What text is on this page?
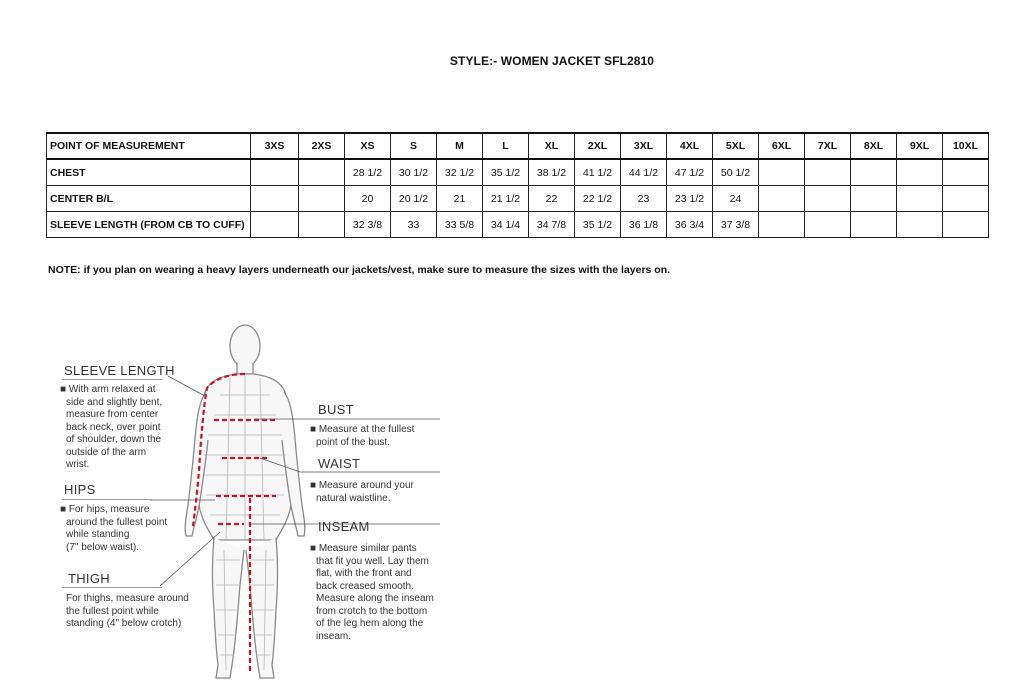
STYLE:- WOMEN JACKET SFL2810
POINT OF MEASUREMENT	3XS	2XS	XS	S	M	L	XL	2XL	3XL	4XL	5XL	6XL	7XL	8XL	9XL	10XL
CHEST			28 1/2	30 1/2	32 1/2	35 1/2	38 1/2	41 1/2	44 1/2	47 1/2	50 1/2					
CENTER B/L			20	20 1/2	21	21 1/2	22	22 1/2	23	23 1/2	24					
SLEEVE LENGTH (FROM CB TO CUFF)			32 3/8	33	33 5/8	34 1/4	34 7/8	35 1/2	36 1/8	36 3/4	37 3/8					
NOTE: if you plan on wearing a heavy layers underneath our jackets/vest, make sure to measure the sizes with the layers on.
SLEEVE LENGTH
■ With arm relaxed at
side and slightly bent,
measure from center
back neck, over point
of shoulder, down the
outside of the arm
wrist.
HIPS
■ For hips, measure
around the fullest point
while standing
(7" below waist).
THIGH
For thighs, measure around
the fullest point while
standing (4" below crotch)
BUST
■ Measure at the fullest
point of the bust.
WAIST
■ Measure around your
natural waistline.
INSEAM
■ Measure similar pants
that fit you well. Lay them
flat, with the front and
back creased smooth.
Measure along the inseam
from crotch to the bottom
of the leg hem along the
inseam.
